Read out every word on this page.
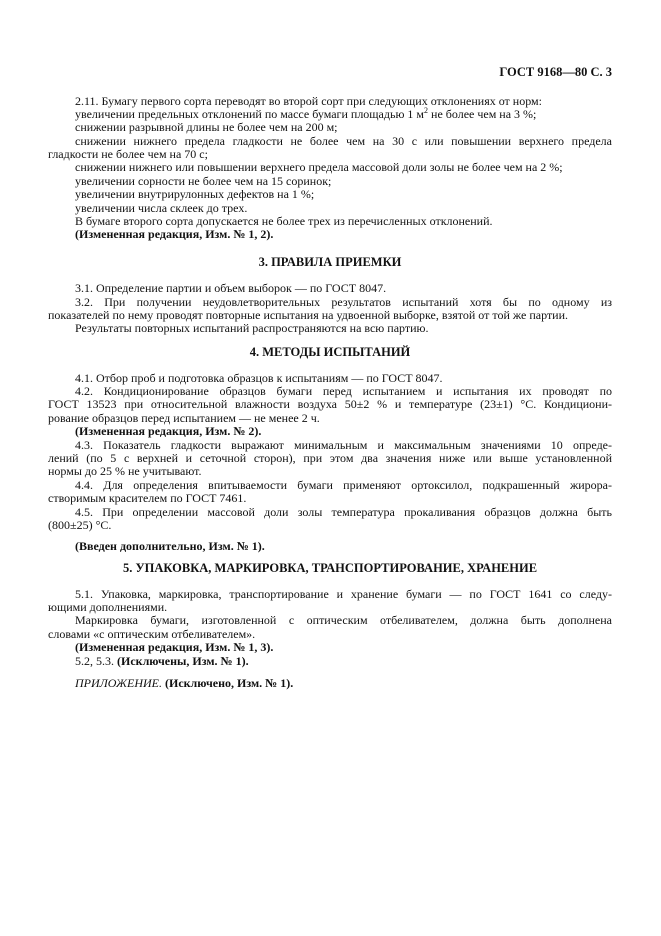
ГОСТ 9168—80 С. 3
2.11. Бумагу первого сорта переводят во второй сорт при следующих отклонениях от норм:
увеличении предельных отклонений по массе бумаги площадью 1 $м^2$ не более чем на 3 %;
снижении разрывной длины не более чем на 200 м;
снижении нижнего предела гладкости не более чем на 30 с или повышении верхнего предела
гладкости не более чем на 70 с;
снижении нижнего или повышении верхнего предела массовой доли золы не более чем на 2 %;
увеличении сорности не более чем на 15 соринок;
увеличении внутрирулонных дефектов на 1 %;
увеличении числа склеек до трех.
В бумаге второго сорта допускается не более трех из перечисленных отклонений.
(Измененная редакция, Изм. № 1, 2).
3. ПРАВИЛА ПРИЕМКИ
3.1. Определение партии и объем выборок — по ГОСТ 8047.
3.2. При получении неудовлетворительных результатов испытаний хотя бы по одному из
показателей по нему проводят повторные испытания на удвоенной выборке, взятой от той же партии.
Результаты повторных испытаний распространяются на всю партию.
4. МЕТОДЫ ИСПЫТАНИЙ
4.1. Отбор проб и подготовка образцов к испытаниям — по ГОСТ 8047.
4.2. Кондиционирование образцов бумаги перед испытанием и испытания их проводят по
ГОСТ 13523 при относительной влажности воздуха 50±2 % и температуре (23±1) °С. Кондициони-
рование образцов перед испытанием — не менее 2 ч.
(Измененная редакция, Изм. № 2).
4.3. Показатель гладкости выражают минимальным и максимальным значениями 10 опреде-
лений (по 5 с верхней и сеточной сторон), при этом два значения ниже или выше установленной
нормы до 25 % не учитывают.
4.4. Для определения впитываемости бумаги применяют ортоксилол, подкрашенный жирора-
створимым красителем по ГОСТ 7461.
4.5. При определении массовой доли золы температура прокаливания образцов должна быть
(800±25) °С.
(Введен дополнительно, Изм. № 1).
5. УПАКОВКА, МАРКИРОВКА, ТРАНСПОРТИРОВАНИЕ, ХРАНЕНИЕ
5.1. Упаковка, маркировка, транспортирование и хранение бумаги — по ГОСТ 1641 со следу-
ющими дополнениями.
Маркировка бумаги, изготовленной с оптическим отбеливателем, должна быть дополнена
словами «с оптическим отбеливателем».
(Измененная редакция, Изм. № 1, 3).
5.2, 5.3. (Исключены, Изм. № 1).
ПРИЛОЖЕНИЕ. (Исключено, Изм. № 1).
